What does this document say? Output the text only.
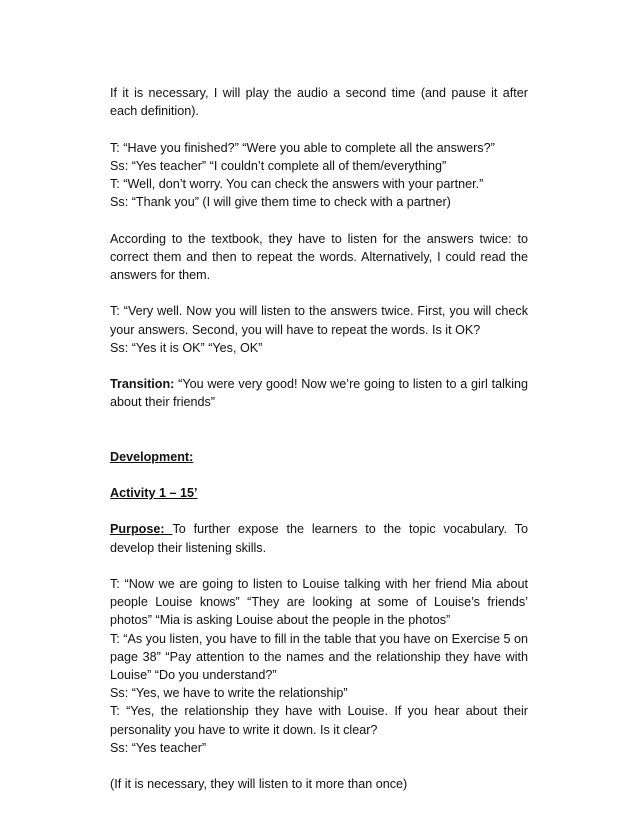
If it is necessary, I will play the audio a second time (and pause it after each definition).

T: “Have you finished?” “Were you able to complete all the answers?”

Ss: “Yes teacher” “I couldn’t complete all of them/everything”

T: “Well, don’t worry. You can check the answers with your partner.”

Ss: “Thank you” (I will give them time to check with a partner)

According to the textbook, they have to listen for the answers twice: to correct them and then to repeat the words. Alternatively, I could read the answers for them.

T: “Very well. Now you will listen to the answers twice. First, you will check your answers. Second, you will have to repeat the words. Is it OK?

Ss: “Yes it is OK” “Yes, OK”

Transition: “You were very good! Now we’re going to listen to a girl talking about their friends”

Development:

Activity 1 – 15’

Purpose: To further expose the learners to the topic vocabulary. To develop their listening skills.

T: “Now we are going to listen to Louise talking with her friend Mia about people Louise knows” “They are looking at some of Louise’s friends’ photos” “Mia is asking Louise about the people in the photos”

T: “As you listen, you have to fill in the table that you have on Exercise 5 on page 38” “Pay attention to the names and the relationship they have with Louise” “Do you understand?”

Ss: “Yes, we have to write the relationship”

T: “Yes, the relationship they have with Louise. If you hear about their personality you have to write it down. Is it clear?

Ss: “Yes teacher”

(If it is necessary, they will listen to it more than once)
